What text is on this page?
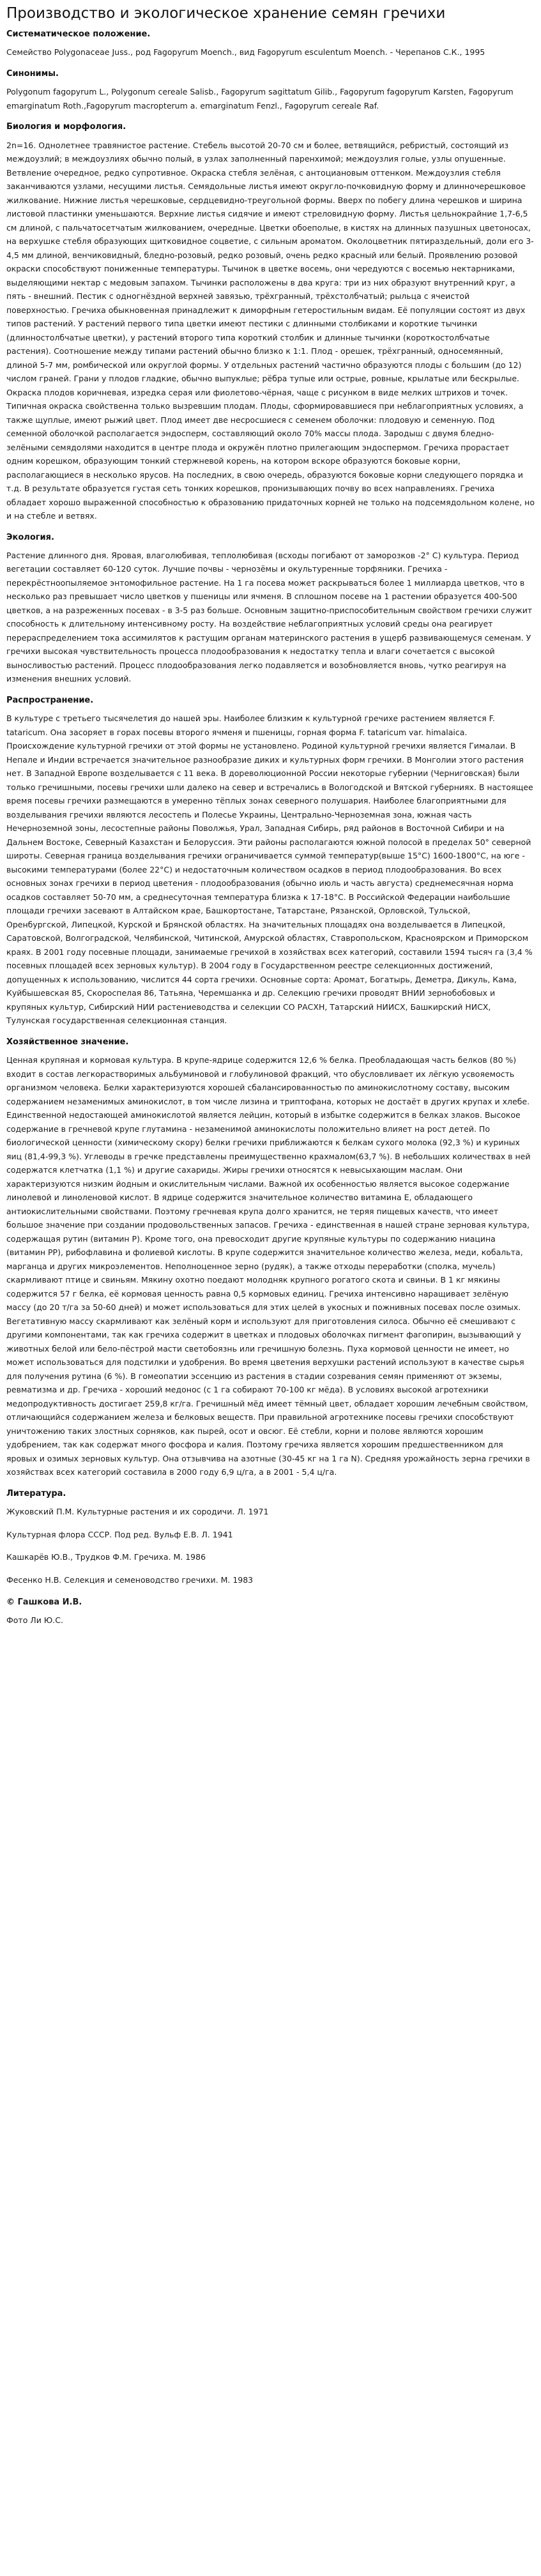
Производство и экологическое хранение семян гречихи
Систематическое положение.

Семейство Polygonaceae Juss., род Fagopyrum Moench., вид Fagopyrum esculentum Moench. - Черепанов С.К., 1995

Синонимы.

Polygonum fagopyrum L., Polygonum cereale Salisb., Fagopyrum sagittatum Gilib., Fagopyrum fagopyrum Karsten, Fagopyrum emarginatum Roth.,Fagopyrum macropterum a. emarginatum Fenzl., Fagopyrum cereale Raf.

Биология и морфология.

2n=16. Однолетнее травянистое растение. Стебель высотой 20-70 см и более, ветвящийся, ребристый, состоящий из междоузлий; в междоузлиях обычно полый, в узлах заполненный паренхимой; междоузлия голые, узлы опушенные. Ветвление очередное, редко супротивное. Окраска стебля зелёная, с антоциановым оттенком. Междоузлия стебля заканчиваются узлами, несущими листья. Семядольные листья имеют округло-почковидную форму и длинночерешковое жилкование. Нижние листья черешковые, сердцевидно-треугольной формы. Вверх по побегу длина черешков и ширина листовой пластинки уменьшаются. Верхние листья сидячие и имеют стреловидную форму. Листья цельнокрайние 1,7-6,5 см длиной, с пальчатосетчатым жилкованием, очередные. Цветки обоеполые, в кистях на длинных пазушных цветоносах, на верхушке стебля образующих щитковидное соцветие, с сильным ароматом. Околоцветник пятираздельный, доли его 3-4,5 мм длиной, венчиковидный, бледно-розовый, редко розовый, очень редко красный или белый. Проявлению розовой окраски способствуют пониженные температуры. Тычинок в цветке восемь, они чередуются с восемью нектарниками, выделяющими нектар с медовым запахом. Тычинки расположены в два круга: три из них образуют внутренний круг, а пять - внешний. Пестик с одногнёздной верхней завязью, трёхгранный, трёхстолбчатый; рыльца с ячеистой поверхностью. Гречиха обыкновенная принадлежит к диморфным гетеростильным видам. Её популяции состоят из двух типов растений. У растений первого типа цветки имеют пестики с длинными столбиками и короткие тычинки (длинностолбчатые цветки), у растений второго типа короткий столбик и длинные тычинки (короткостолбчатые растения). Соотношение между типами растений обычно близко к 1:1. Плод - орешек, трёхгранный, односемянный, длиной 5-7 мм, ромбической или округлой формы. У отдельных растений частично образуются плоды с большим (до 12) числом граней. Грани у плодов гладкие, обычно выпуклые; рёбра тупые или острые, ровные, крылатые или бескрылые. Окраска плодов коричневая, изредка серая или фиолетово-чёрная, чаще с рисунком в виде мелких штрихов и точек. Типичная окраска свойственна только вызревшим плодам. Плоды, сформировавшиеся при неблагоприятных условиях, а также щуплые, имеют рыжий цвет. Плод имеет две несросшиеся с семенем оболочки: плодовую и семенную. Под семенной оболочкой располагается эндосперм, составляющий около 70% массы плода. Зародыш с двумя бледно-зелёными семядолями находится в центре плода и окружён плотно прилегающим эндоспермом. Гречиха прорастает одним корешком, образующим тонкий стержневой корень, на котором вскоре образуются боковые корни, располагающиеся в несколько ярусов. На последних, в свою очередь, образуются боковые корни следующего порядка и т.д. В результате образуется густая сеть тонких корешков, пронизывающих почву во всех направлениях. Гречиха обладает хорошо выраженной способностью к образованию придаточных корней не только на подсемядольном колене, но и на стебле и ветвях.

Экология.

Растение длинного дня. Яровая, влаголюбивая, теплолюбивая (всходы погибают от заморозков -2° С) культура. Период вегетации составляет 60-120 суток. Лучшие почвы - чернозёмы и окультуренные торфяники. Гречиха - перекрёстноопыляемое энтомофильное растение. На 1 га посева может раскрываться более 1 миллиарда цветков, что в несколько раз превышает число цветков у пшеницы или ячменя. В сплошном посеве на 1 растении образуется 400-500 цветков, а на разреженных посевах - в 3-5 раз больше. Основным защитно-приспособительным свойством гречихи служит способность к длительному интенсивному росту. На воздействие неблагоприятных условий среды она реагирует перераспределением тока ассимилятов к растущим органам материнского растения в ущерб развивающемуся семенам. У гречихи высокая чувствительность процесса плодообразования к недостатку тепла и влаги сочетается с высокой выносливостью растений. Процесс плодообразования легко подавляется и возобновляется вновь, чутко реагируя на изменения внешних условий.

Распространение.

В культуре с третьего тысячелетия до нашей эры. Наиболее близким к культурной гречихе растением является F. tataricum. Она засоряет в горах посевы второго ячменя и пшеницы, горная форма F. tataricum var. himalaica. Происхождение культурной гречихи от этой формы не установлено. Родиной культурной гречихи является Гималаи. В Непале и Индии встречается значительное разнообразие диких и культурных форм гречихи. В Монголии этого растения нет. В Западной Европе возделывается с 11 века. В дореволюционной России некоторые губернии (Черниговская) были только гречишными, посевы гречихи шли далеко на север и встречались в Вологодской и Вятской губерниях. В настоящее время посевы гречихи размещаются в умеренно тёплых зонах северного полушария. Наиболее благоприятными для возделывания гречихи являются лесостепь и Полесье Украины, Центрально-Черноземная зона, южная часть Нечерноземной зоны, лесостепные районы Поволжья, Урал, Западная Сибирь, ряд районов в Восточной Сибири и на Дальнем Востоке, Северный Казахстан и Белоруссия. Эти районы располагаются южной полосой в пределах 50° северной широты. Северная граница возделывания гречихи ограничивается суммой температур(выше 15°С) 1600-1800°С, на юге - высокими температурами (более 22°С) и недостаточным количеством осадков в период плодообразования. Во всех основных зонах гречихи в период цветения - плодообразования (обычно июль и часть августа) среднемесячная норма осадков составляет 50-70 мм, а среднесуточная температура близка к 17-18°С. В Российской Федерации наибольшие площади гречихи засевают в Алтайском крае, Башкортостане, Татарстане, Рязанской, Орловской, Тульской, Оренбургской, Липецкой, Курской и Брянской областях. На значительных площадях она возделывается в Липецкой, Саратовской, Волгоградской, Челябинской, Читинской, Амурской областях, Ставропольском, Красноярском и Приморском краях. В 2001 году посевные площади, занимаемые гречихой в хозяйствах всех категорий, составили 1594 тысяч га (3,4 % посевных площадей всех зерновых культур). В 2004 году в Государственном реестре селекционных достижений, допущенных к использованию, числится 44 сорта гречихи. Основные сорта: Аромат, Богатырь, Деметра, Дикуль, Кама, Куйбышевская 85, Скороспелая 86, Татьяна, Черемшанка и др. Селекцию гречихи проводят ВНИИ зернобобовых и крупяных культур, Сибирский НИИ растениеводства и селекции СО РАСХН, Татарский НИИСХ, Башкирский НИСХ, Тулунская государственная селекционная станция.

Хозяйственное значение.

Ценная крупяная и кормовая культура. В крупе-ядрице содержится 12,6 % белка. Преобладающая часть белков (80 %) входит в состав легкорастворимых альбуминовой и глобулиновой фракций, что обусловливает их лёгкую усвояемость организмом человека. Белки характеризуются хорошей сбалансированностью по аминокислотному составу, высоким содержанием незаменимых аминокислот, в том числе лизина и триптофана, которых не достаёт в других крупах и хлебе. Единственной недостающей аминокислотой является лейцин, который в избытке содержится в белках злаков. Высокое содержание в гречневой крупе глутамина - незаменимой аминокислоты положительно влияет на рост детей. По биологической ценности (химическому скору) белки гречихи приближаются к белкам сухого молока (92,3 %) и куриных яиц (81,4-99,3 %). Углеводы в гречке представлены преимущественно крахмалом(63,7 %). В небольших количествах в ней содержатся клетчатка (1,1 %) и другие сахариды. Жиры гречихи относятся к невысыхающим маслам. Они характеризуются низким йодным и окислительным числами. Важной их особенностью является высокое содержание линолевой и линоленовой кислот. В ядрице содержится значительное количество витамина Е, обладающего антиокислительными свойствами. Поэтому гречневая крупа долго хранится, не теряя пищевых качеств, что имеет большое значение при создании продовольственных запасов. Гречиха - единственная в нашей стране зерновая культура, содержащая рутин (витамин P). Кроме того, она превосходит другие крупяные культуры по содержанию ниацина (витамин PP), рибофлавина и фолиевой кислоты. В крупе содержится значительное количество железа, меди, кобальта, марганца и других микроэлементов. Неполноценное зерно (рудяк), а также отходы переработки (сполка, мучель) скармливают птице и свиньям. Мякину охотно поедают молодняк крупного рогатого скота и свиньи. В 1 кг мякины содержится 57 г белка, её кормовая ценность равна 0,5 кормовых единиц. Гречиха интенсивно наращивает зелёную массу (до 20 т/га за 50-60 дней) и может использоваться для этих целей в укосных и пожнивных посевах после озимых. Вегетативную массу скармливают как зелёный корм и используют для приготовления силоса. Обычно её смешивают с другими компонентами, так как гречиха содержит в цветках и плодовых оболочках пигмент фагопирин, вызывающий у животных белой или бело-пёстрой масти светобоязнь или гречишную болезнь. Пуха кормовой ценности не имеет, но может использоваться для подстилки и удобрения. Во время цветения верхушки растений используют в качестве сырья для получения рутина (6 %). В гомеопатии эссенцию из растения в стадии созревания семян применяют от экземы, ревматизма и др. Гречиха - хороший медонос (с 1 га собирают 70-100 кг мёда). В условиях высокой агротехники медопродуктивность достигает 259,8 кг/га. Гречишный мёд имеет тёмный цвет, обладает хорошим лечебным свойством, отличающийся содержанием железа и белковых веществ. При правильной агротехнике посевы гречихи способствуют уничтожению таких злостных сорняков, как пырей, осот и овсюг. Её стебли, корни и полове являются хорошим удобрением, так как содержат много фосфора и калия. Поэтому гречиха является хорошим предшественником для яровых и озимых зерновых культур. Она отзывчива на азотные (30-45 кг на 1 га N). Средняя урожайность зерна гречихи в хозяйствах всех категорий составила в 2000 году 6,9 ц/га, а в 2001 - 5,4 ц/га.

Литература.
Жуковский П.М. Культурные растения и их сородичи. Л. 1971
Культурная флора СССР. Под ред. Вульф Е.В. Л. 1941
Кашкарёв Ю.В., Трудков Ф.М. Гречиха. М. 1986
Фесенко Н.В. Селекция и семеноводство гречихи. М. 1983
© Гашкова И.В.
Фото Ли Ю.С.
